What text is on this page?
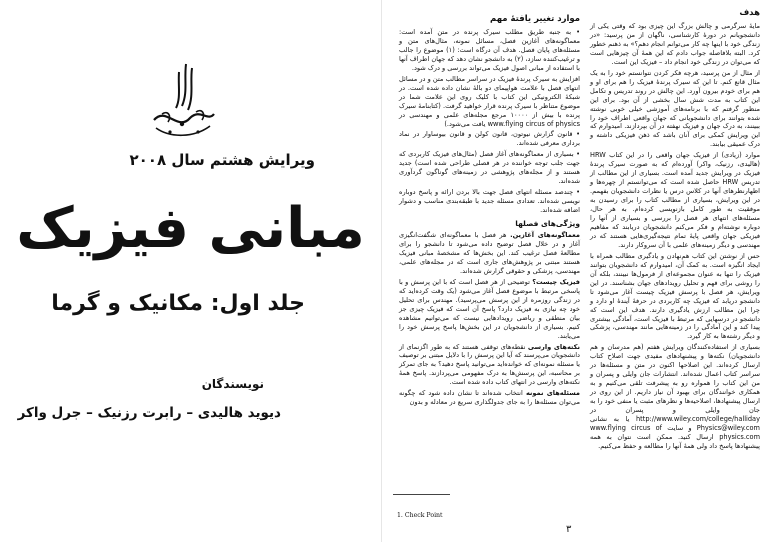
ویرایش هشتم سال ۲۰۰۸
مبانی فیزیک
جلد اول: مکانیک و گرما
نویسندگان
دیوید هالیدی – رابرت رزنیک – جرل واکر
هدف

مایهٔ سرگرمی و چالش بزرگ این چیزی بود که وقتی یکی از دانشجویانم در دورهٔ کارشناسی، ناگهان از من پرسید: «در زندگی خود با اینها چه کار می‌توانم انجام دهم؟» به ذهنم خطور کرد. البته بلافاصله جواب دادم که این همهٔ آن چیزهایی است که می‌توان در زندگی خود انجام داد – فیزیک این است.

از مثال از من پرسید، هرچه فکر کردن نتوانستم خود را به یک مثال قانع کنم. تا این که سیرک پرندهٔ فیزیک را هم برای او و هم برای خودم بیرون آورد. این چالش در روند تدریس و تکامل این کتاب به مدت شش سال بخشی از آن بود. برای این منظور گرفتم که با برنامه‌های آموزشی خیلی خوبی نوشته شده بتوانند برای دانشجویانی که جهان واقعی اطراف خود را ببینند، به درک جهان و فیزیک نهفته در آن بپردازند. امیدوارم که این ویرایش کمکی برای آنان باشد که ذهن فیزیکی داشته و درک عمیقی بیابند.

موارد (زیادی) از فیزیک جهان واقعی را در این کتاب HRW (هالیدی، رزنیک، واکر) آورده‌ام که به صورت سیرک پرندهٔ فیزیک در ویرایش جدید آمده است. بسیاری از این مطالب از تدریس HRW حاصل شده است که می‌توانستم از چهره‌ها و اظهارنظرهای آنها در کلاس درس یا نظرات دانشجویان بفهمم. در این ویرایش، بسیاری از مطالب کتاب را برای رسیدن به موفقیت به طور کامل بازنویسی کرده‌ام. به هر حال، مسئله‌های انتهای هر فصل را بررسی و بسیاری از آنها را دوباره نوشته‌ام و فکر می‌کنم دانشجویان دریابند که مفاهیم فیزیکی جهان واقعی پایهٔ تمام نتیجه‌گیری‌هایی هستند که در مهندسی و دیگر زمینه‌های علمی با آن سروکار دارند.

حس از نوشتن این کتاب هم‌نهادن و یادگیری مطالب همراه با ایجاد انگیزه است. به کمک آن، امیدوارم که دانشجویان بتوانند فیزیک را تنها به عنوان مجموعه‌ای از فرمول‌ها نبینند، بلکه آن را روشی برای فهم و تحلیل رویدادهای جهان بشناسند. در این ویرایش، هر فصل با پرسش فیزیک چیست آغاز می‌شود تا دانشجو دریابد که فیزیک چه کاربردی در حرفهٔ آیندهٔ او دارد و چرا این مطالب ارزش یادگیری دارند. هدف این است که دانشجو در درسهایی که مرتبط با فیزیک است، آمادگی بیشتری پیدا کند و این آمادگی را در زمینه‌هایی مانند مهندسی، پزشکی و دیگر رشته‌ها به کار گیرد.

بسیاری از استفاده‌کنندگان ویرایش هفتم (هم مدرسان و هم دانشجویان) نکته‌ها و پیشنهادهای مفیدی جهت اصلاح کتاب ارسال کرده‌اند. این اصلاحها اکنون در متن و مسئله‌ها در سراسر کتاب اعمال شده‌اند. انتشارات جان وایلی و پسران و من این کتاب را همواره رو به پیشرفت تلقی می‌کنیم و به همکاری خوانندگان برای بهبود آن نیاز داریم. از این روی در ارسال پیشنهادها، اصلاحیه‌ها و نظرهای مثبت یا منفی خود را به جان وایلی و پسران در http://www.wiley.com/college/halliday یا به نشانی Physics@wiley.com و سایت www.flying circus of physics.com ارسال کنید. ممکن است نتوان به همه پیشنهادها پاسخ داد ولی همهٔ آنها را مطالعه و حفظ می‌کنیم.

موارد تغییر یافتهٔ مهم

• به جنبه طریق مطلب سیرک پرنده در متن آمده است: معماگونه‌های آغازین فصل، مسائل نمونه، مثال‌های متن و مسئله‌های پایان فصل. هدف آن درگاه است: (۱) موضوع را جالب و ترغیب‌کننده سازد، (۲) به دانشجو نشان دهد که جهان اطراف آنها با استفاده از مبانی اصول فیزیک می‌تواند بررسی و درک شود.

افزایش به سیرک پرندهٔ فیزیک در سراسر مطالب متن و در مسائل انتهای فصل با علامت هواپیمای دو بالهٔ نشان داده شده است. در شبکهٔ الکترونیکی این کتاب با کلیک روی این علامت شما در موضوع متناظر با سیرک پرنده قرار خواهید گرفت. (کتابنامهٔ سیرک پرنده با بیش از ۱۰۰۰۰ مرجع مجله‌های علمی و مهندسی در www.flying circus of physics یافت می‌شود.)

• قانون گزارش نیوتون، قانون کولن و قانون بیوساوار در نماد برداری معرفی شده‌اند.

• بسیاری از معماگونه‌های آغاز فصل (مثال‌های فیزیک کاربردی که جهت جلب توجه خواننده در هر فصلی طراحی شده است) جدید هستند و از مجله‌های پژوهشی در زمینه‌های گوناگون گردآوری شده‌اند.

• چندصد مسئله انتهای فصل جهت بالا بردن ارائه و پاسخ دوباره نویسی شده‌اند. تعدادی مسئله جدید با طبقه‌بندی مناسب و دشوار اضافه شده‌اند.

ویژگی‌های فصلها

معماگونه‌های آغازین. هر فصل با معماگونه‌ای شگفت‌انگیزی آغاز و در خلال فصل توضیح داده می‌شود تا دانشجو را برای مطالعهٔ فصل ترغیب کند. این بخش‌ها که مشخصهٔ مبانی فیزیک هستند مبتنی بر پژوهش‌های جاری است که در مجله‌های علمی، مهندسی، پزشکی و حقوقی گزارش شده‌اند.

فیزیک چیست؟ توضیحی از هر فصل است که با این پرسش و با پاسخی مرتبط با موضوع فصل آغاز می‌شود (یک وقت کرده‌اید که در زندگی روزمره از این پرسش می‌پرسید). مهندس برای تحلیل خود چه نیازی به فیزیک دارد؟ پاسخ آن است که فیزیک چیزی جز بیان منطقی و ریاضی رویدادهایی نیست که می‌توانیم مشاهده کنیم. بسیاری از دانشجویان در این بخش‌ها پاسخ پرسش خود را می‌یابند.

نکته‌های وارسی نقطه‌های توقفی هستند که به طور اگزنمای از دانشجویان می‌پرسند که آیا این پرسش را با دلایل مبتنی بر توصیف یا مسئله نمونه‌ای که خوانده‌اید می‌توانید پاسخ دهید؟ به جای تمرکز بر محاسبه، این پرسش‌ها به درک مفهومی می‌پردازند. پاسخ همهٔ نکته‌های وارسی در انتهای کتاب داده شده است.

مسئله‌های نمونه انتخاب شده‌اند تا نشان داده شود که چگونه می‌توان مسئله‌ها را به جای جدولگذاری سریع در معادله و بدون

1. Check Point
۳
